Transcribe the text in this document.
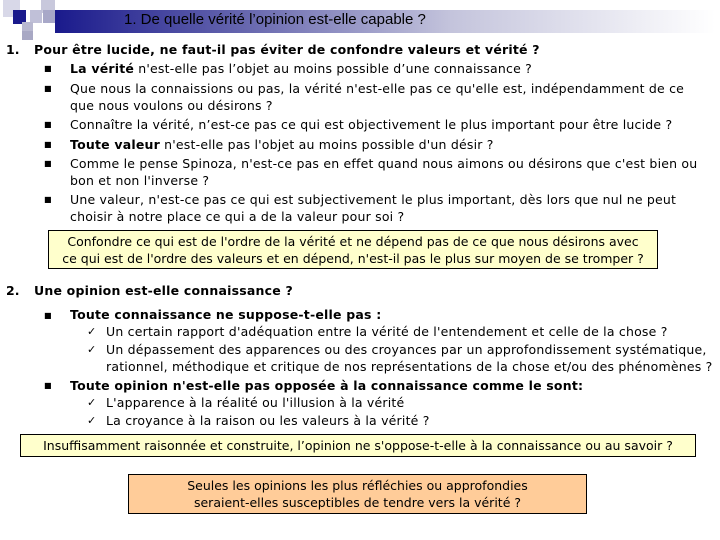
1. De quelle vérité l’opinion est-elle capable ?
1. Pour être lucide, ne faut-il pas éviter de confondre valeurs et vérité ?
■ La vérité n'est-elle pas l’objet au moins possible d’une connaissance ?
■ Que nous la connaissions ou pas, la vérité n'est-elle pas ce qu'elle est, indépendamment de ce
que nous voulons ou désirons ?
■ Connaître la vérité, n’est-ce pas ce qui est objectivement le plus important pour être lucide ?
■ Toute valeur n'est-elle pas l'objet au moins possible d'un désir ?
■ Comme le pense Spinoza, n'est-ce pas en effet quand nous aimons ou désirons que c'est bien ou
bon et non l'inverse ?
■ Une valeur, n'est-ce pas ce qui est subjectivement le plus important, dès lors que nul ne peut
choisir à notre place ce qui a de la valeur pour soi ?
Confondre ce qui est de l'ordre de la vérité et ne dépend pas de ce que nous désirons avec
ce qui est de l'ordre des valeurs et en dépend, n'est-il pas le plus sur moyen de se tromper ?
2. Une opinion est-elle connaissance ?
■ Toute connaissance ne suppose-t-elle pas :
✓ Un certain rapport d'adéquation entre la vérité de l'entendement et celle de la chose ?
✓ Un dépassement des apparences ou des croyances par un approfondissement systématique,
rationnel, méthodique et critique de nos représentations de la chose et/ou des phénomènes ?
■ Toute opinion n'est-elle pas opposée à la connaissance comme le sont:
✓ L'apparence à la réalité ou l'illusion à la vérité
✓ La croyance à la raison ou les valeurs à la vérité ?
Insuffisamment raisonnée et construite, l’opinion ne s'oppose-t-elle à la connaissance ou au savoir ?
Seules les opinions les plus réfléchies ou approfondies
seraient-elles susceptibles de tendre vers la vérité ?
